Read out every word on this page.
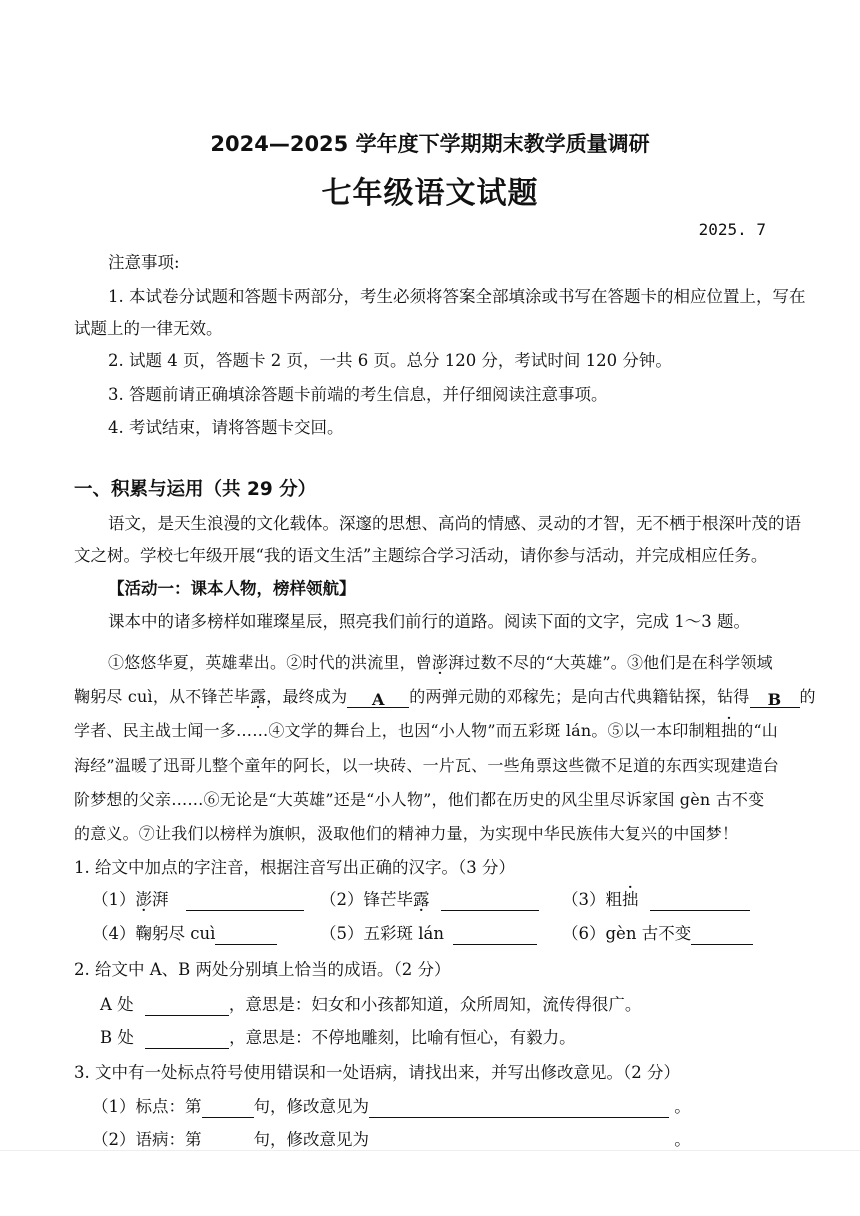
2024—2025 学年度下学期期末教学质量调研
七年级语文试题
2025. 7
注意事项:
1. 本试卷分试题和答题卡两部分，考生必须将答案全部填涂或书写在答题卡的相应位置上，写在
试题上的一律无效。
2. 试题 4 页，答题卡 2 页，一共 6 页。总分 120 分，考试时间 120 分钟。
3. 答题前请正确填涂答题卡前端的考生信息，并仔细阅读注意事项。
4. 考试结束，请将答题卡交回。
一、积累与运用（共 29 分）
语文，是天生浪漫的文化载体。深邃的思想、高尚的情感、灵动的才智，无不栖于根深叶茂的语
文之树。学校七年级开展“我的语文生活”主题综合学习活动，请你参与活动，并完成相应任务。
【活动一：课本人物，榜样领航】
课本中的诸多榜样如璀璨星辰，照亮我们前行的道路。阅读下面的文字，完成 1～3 题。
①悠悠华夏，英雄辈出。②时代的洪流里，曾澎湃过数不尽的“大英雄”。③他们是在科学领域
鞠躬尽 cuì，从不锋芒毕露，最终成为 A 的两弹元勋的邓稼先；是向古代典籍钻探，钻得 B 的
学者、民主战士闻一多……④文学的舞台上，也因“小人物”而五彩斑 lán。⑤以一本印制粗拙的“山
海经”温暖了迅哥儿整个童年的阿长，以一块砖、一片瓦、一些角票这些微不足道的东西实现建造台
阶梦想的父亲……⑥无论是“大英雄”还是“小人物”，他们都在历史的风尘里尽诉家国 gèn 古不变
的意义。⑦让我们以榜样为旗帜，汲取他们的精神力量，为实现中华民族伟大复兴的中国梦！
1. 给文中加点的字注音，根据注音写出正确的汉字。（3 分）
（1）澎湃	（2）锋芒毕露	（3）粗拙
（4）鞠躬尽 cuì	（5）五彩斑 lán	（6）gèn 古不变
2. 给文中 A、B 两处分别填上恰当的成语。（2 分）
A 处	，意思是：妇女和小孩都知道，众所周知，流传得很广。
B 处	，意思是：不停地雕刻，比喻有恒心，有毅力。
3. 文中有一处标点符号使用错误和一处语病，请找出来，并写出修改意见。（2 分）
（1）标点：第	句，修改意见为	。
（2）语病：第	句，修改意见为	。
